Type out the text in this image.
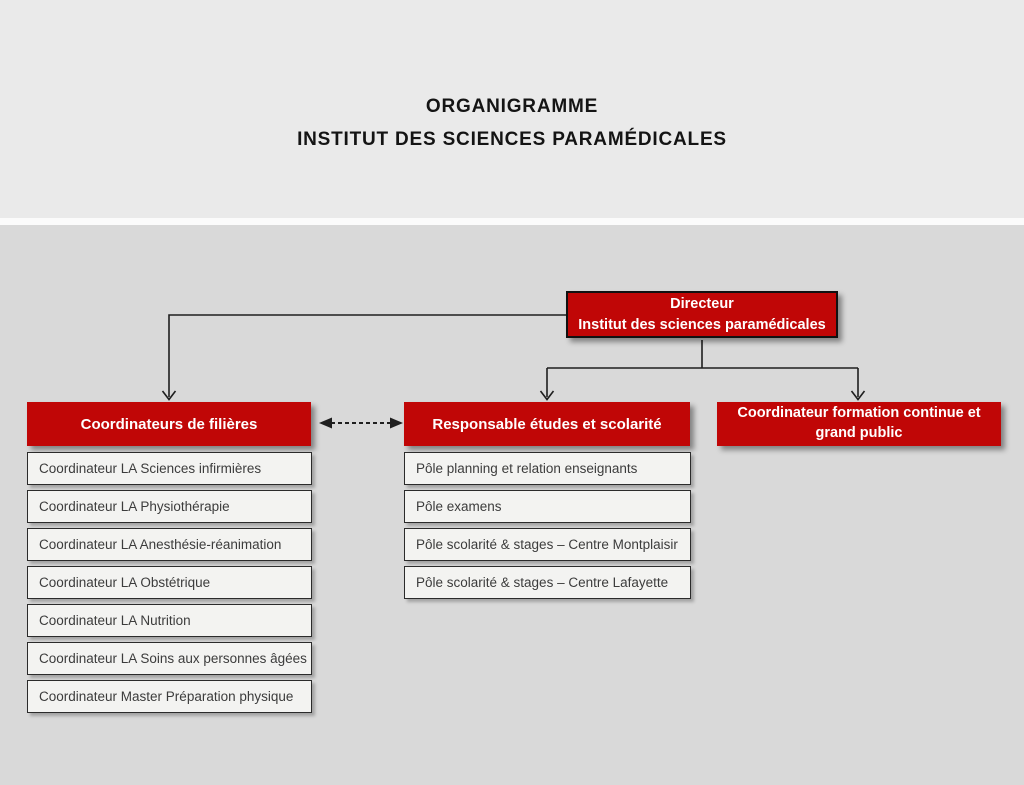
ORGANIGRAMME
INSTITUT DES SCIENCES PARAMÉDICALES
Directeur
Institut des sciences paramédicales
Coordinateurs de filières	Responsable études et scolarité
Coordinateur formation continue et grand public
Coordinateur LA Sciences infirmières
Coordinateur LA Physiothérapie
Coordinateur LA Anesthésie-réanimation
Coordinateur LA Obstétrique
Coordinateur LA Nutrition
Coordinateur LA Soins aux personnes âgées
Coordinateur Master Préparation physique
Pôle planning et relation enseignants
Pôle examens
Pôle scolarité & stages – Centre Montplaisir
Pôle scolarité & stages – Centre Lafayette
